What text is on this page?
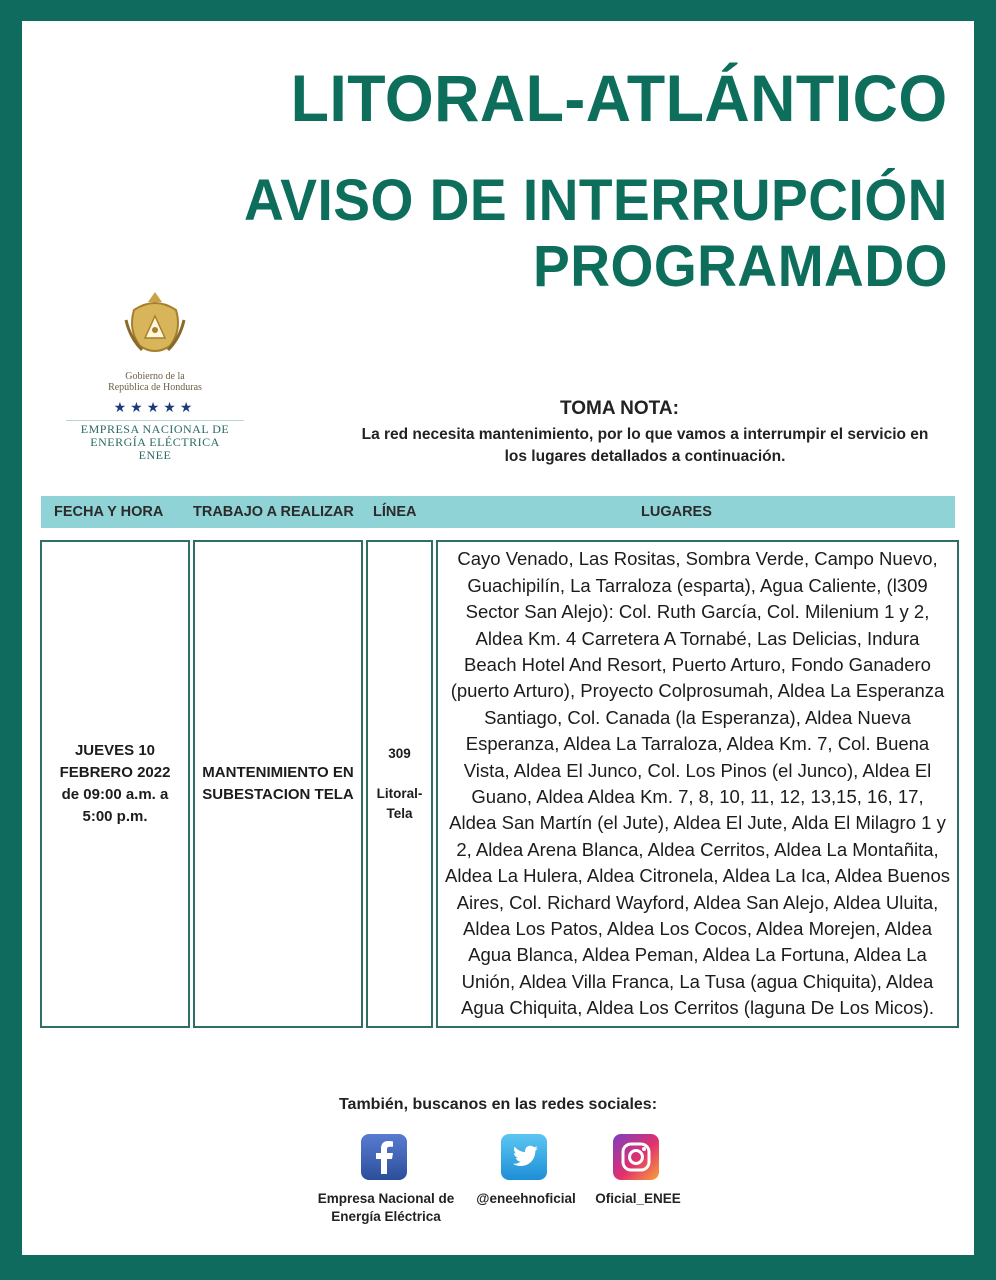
LITORAL-ATLÁNTICO
AVISO DE INTERRUPCIÓN
PROGRAMADO
Gobierno de la
República de Honduras
★★★★★
EMPRESA NACIONAL DE
ENERGÍA ELÉCTRICA
ENEE
TOMA NOTA:
La red necesita mantenimiento, por lo que vamos a interrumpir el servicio en
los lugares detallados a continuación.
FECHA Y HORA TRABAJO A REALIZAR LÍNEA	LUGARES
JUEVES 10
FEBRERO 2022
de 09:00 a.m. a
5:00 p.m.
MANTENIMIENTO EN
SUBESTACION TELA
309
Litoral-
Tela
Cayo Venado, Las Rositas, Sombra Verde, Campo Nuevo,
Guachipilín, La Tarraloza (esparta), Agua Caliente, (l309
Sector San Alejo): Col. Ruth García, Col. Milenium 1 y 2,
Aldea Km. 4 Carretera A Tornabé, Las Delicias, Indura
Beach Hotel And Resort, Puerto Arturo, Fondo Ganadero
(puerto Arturo), Proyecto Colprosumah, Aldea La Esperanza
Santiago, Col. Canada (la Esperanza), Aldea Nueva
Esperanza, Aldea La Tarraloza, Aldea Km. 7, Col. Buena
Vista, Aldea El Junco, Col. Los Pinos (el Junco), Aldea El
Guano, Aldea Aldea Km. 7, 8, 10, 11, 12, 13,15, 16, 17,
Aldea San Martín (el Jute), Aldea El Jute, Alda El Milagro 1 y
2, Aldea Arena Blanca, Aldea Cerritos, Aldea La Montañita,
Aldea La Hulera, Aldea Citronela, Aldea La Ica, Aldea Buenos
Aires, Col. Richard Wayford, Aldea San Alejo, Aldea Uluita,
Aldea Los Patos, Aldea Los Cocos, Aldea Morejen, Aldea
Agua Blanca, Aldea Peman, Aldea La Fortuna, Aldea La
Unión, Aldea Villa Franca, La Tusa (agua Chiquita), Aldea
Agua Chiquita, Aldea Los Cerritos (laguna De Los Micos).
También, buscanos en las redes sociales:
Empresa Nacional de
Energía Eléctrica
@eneehnoficial	Oficial_ENEE
